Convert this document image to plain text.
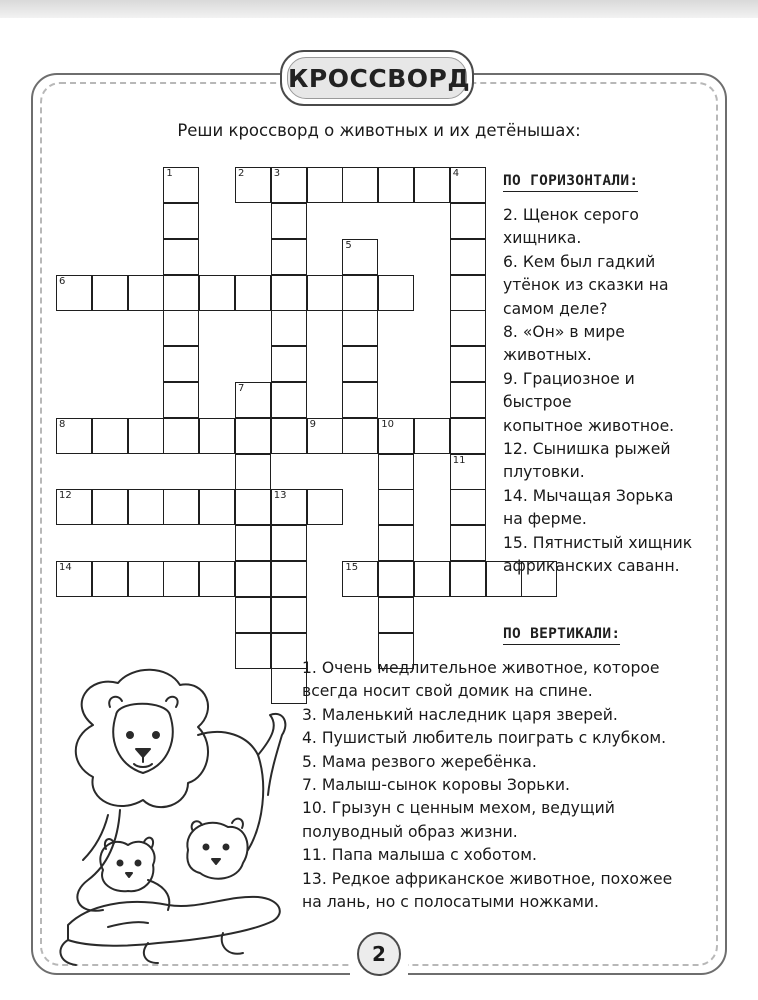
КРОССВОРД
Реши кроссворд о животных и их детёнышах:
1	2	3	4
5
6
7
8	9	10
11
12	13
14	15
ПО ГОРИЗОНТАЛИ:

2. Щенок серого

хищника.

6. Кем был гадкий

утёнок из сказки на

самом деле?

8. «Он» в мире

животных.

9. Грациозное и

быстрое

копытное животное.

12. Сынишка рыжей

плутовки.

14. Мычащая Зорька

на ферме.

15. Пятнистый хищник

африканских саванн.

ПО ВЕРТИКАЛИ:

1. Очень медлительное животное, которое

всегда носит свой домик на спине.

3. Маленький наследник царя зверей.

4. Пушистый любитель поиграть с клубком.

5. Мама резвого жеребёнка.

7. Малыш-сынок коровы Зорьки.

10. Грызун с ценным мехом, ведущий

полуводный образ жизни.

11. Папа малыша с хоботом.

13. Редкое африканское животное, похожее

на лань, но с полосатыми ножками.

2
